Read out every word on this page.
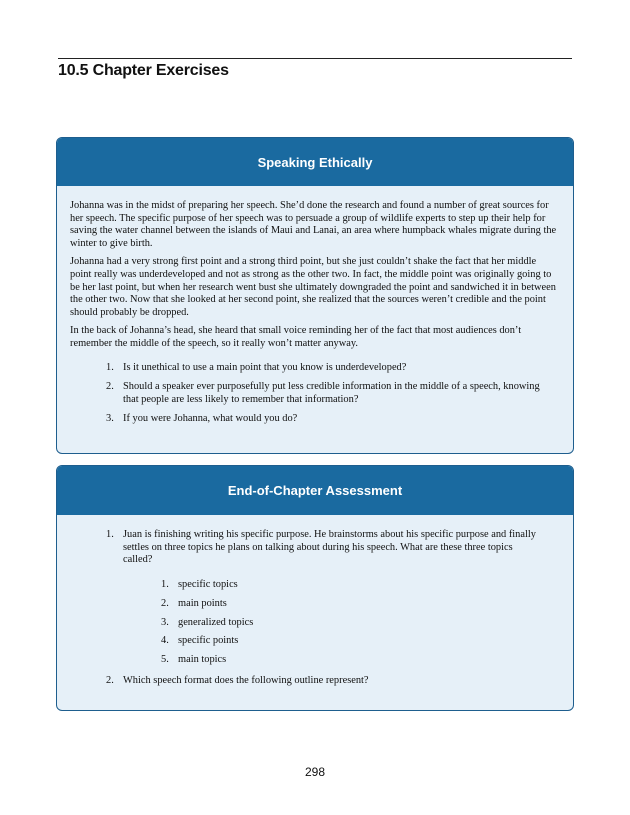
10.5 Chapter Exercises
Speaking Ethically

Johanna was in the midst of preparing her speech. She’d done the research and found a number of great sources for her speech. The specific purpose of her speech was to persuade a group of wildlife experts to step up their help for saving the water channel between the islands of Maui and Lanai, an area where humpback whales migrate during the winter to give birth.

Johanna had a very strong first point and a strong third point, but she just couldn’t shake the fact that her middle point really was underdeveloped and not as strong as the other two. In fact, the middle point was originally going to be her last point, but when her research went bust she ultimately downgraded the point and sandwiched it in between the other two. Now that she looked at her second point, she realized that the sources weren’t credible and the point should probably be dropped.

In the back of Johanna’s head, she heard that small voice reminding her of the fact that most audiences don’t remember the middle of the speech, so it really won’t matter anyway.

1. Is it unethical to use a main point that you know is underdeveloped?
2. Should a speaker ever purposefully put less credible information in the middle of a speech, knowing that people are less likely to remember that information?
3. If you were Johanna, what would you do?
End-of-Chapter Assessment
1. Juan is finishing writing his specific purpose. He brainstorms about his specific purpose and finally settles on three topics he plans on talking about during his speech. What are these three topics called?
1. specific topics
2. main points
3. generalized topics
4. specific points
5. main topics
2. Which speech format does the following outline represent?
298
